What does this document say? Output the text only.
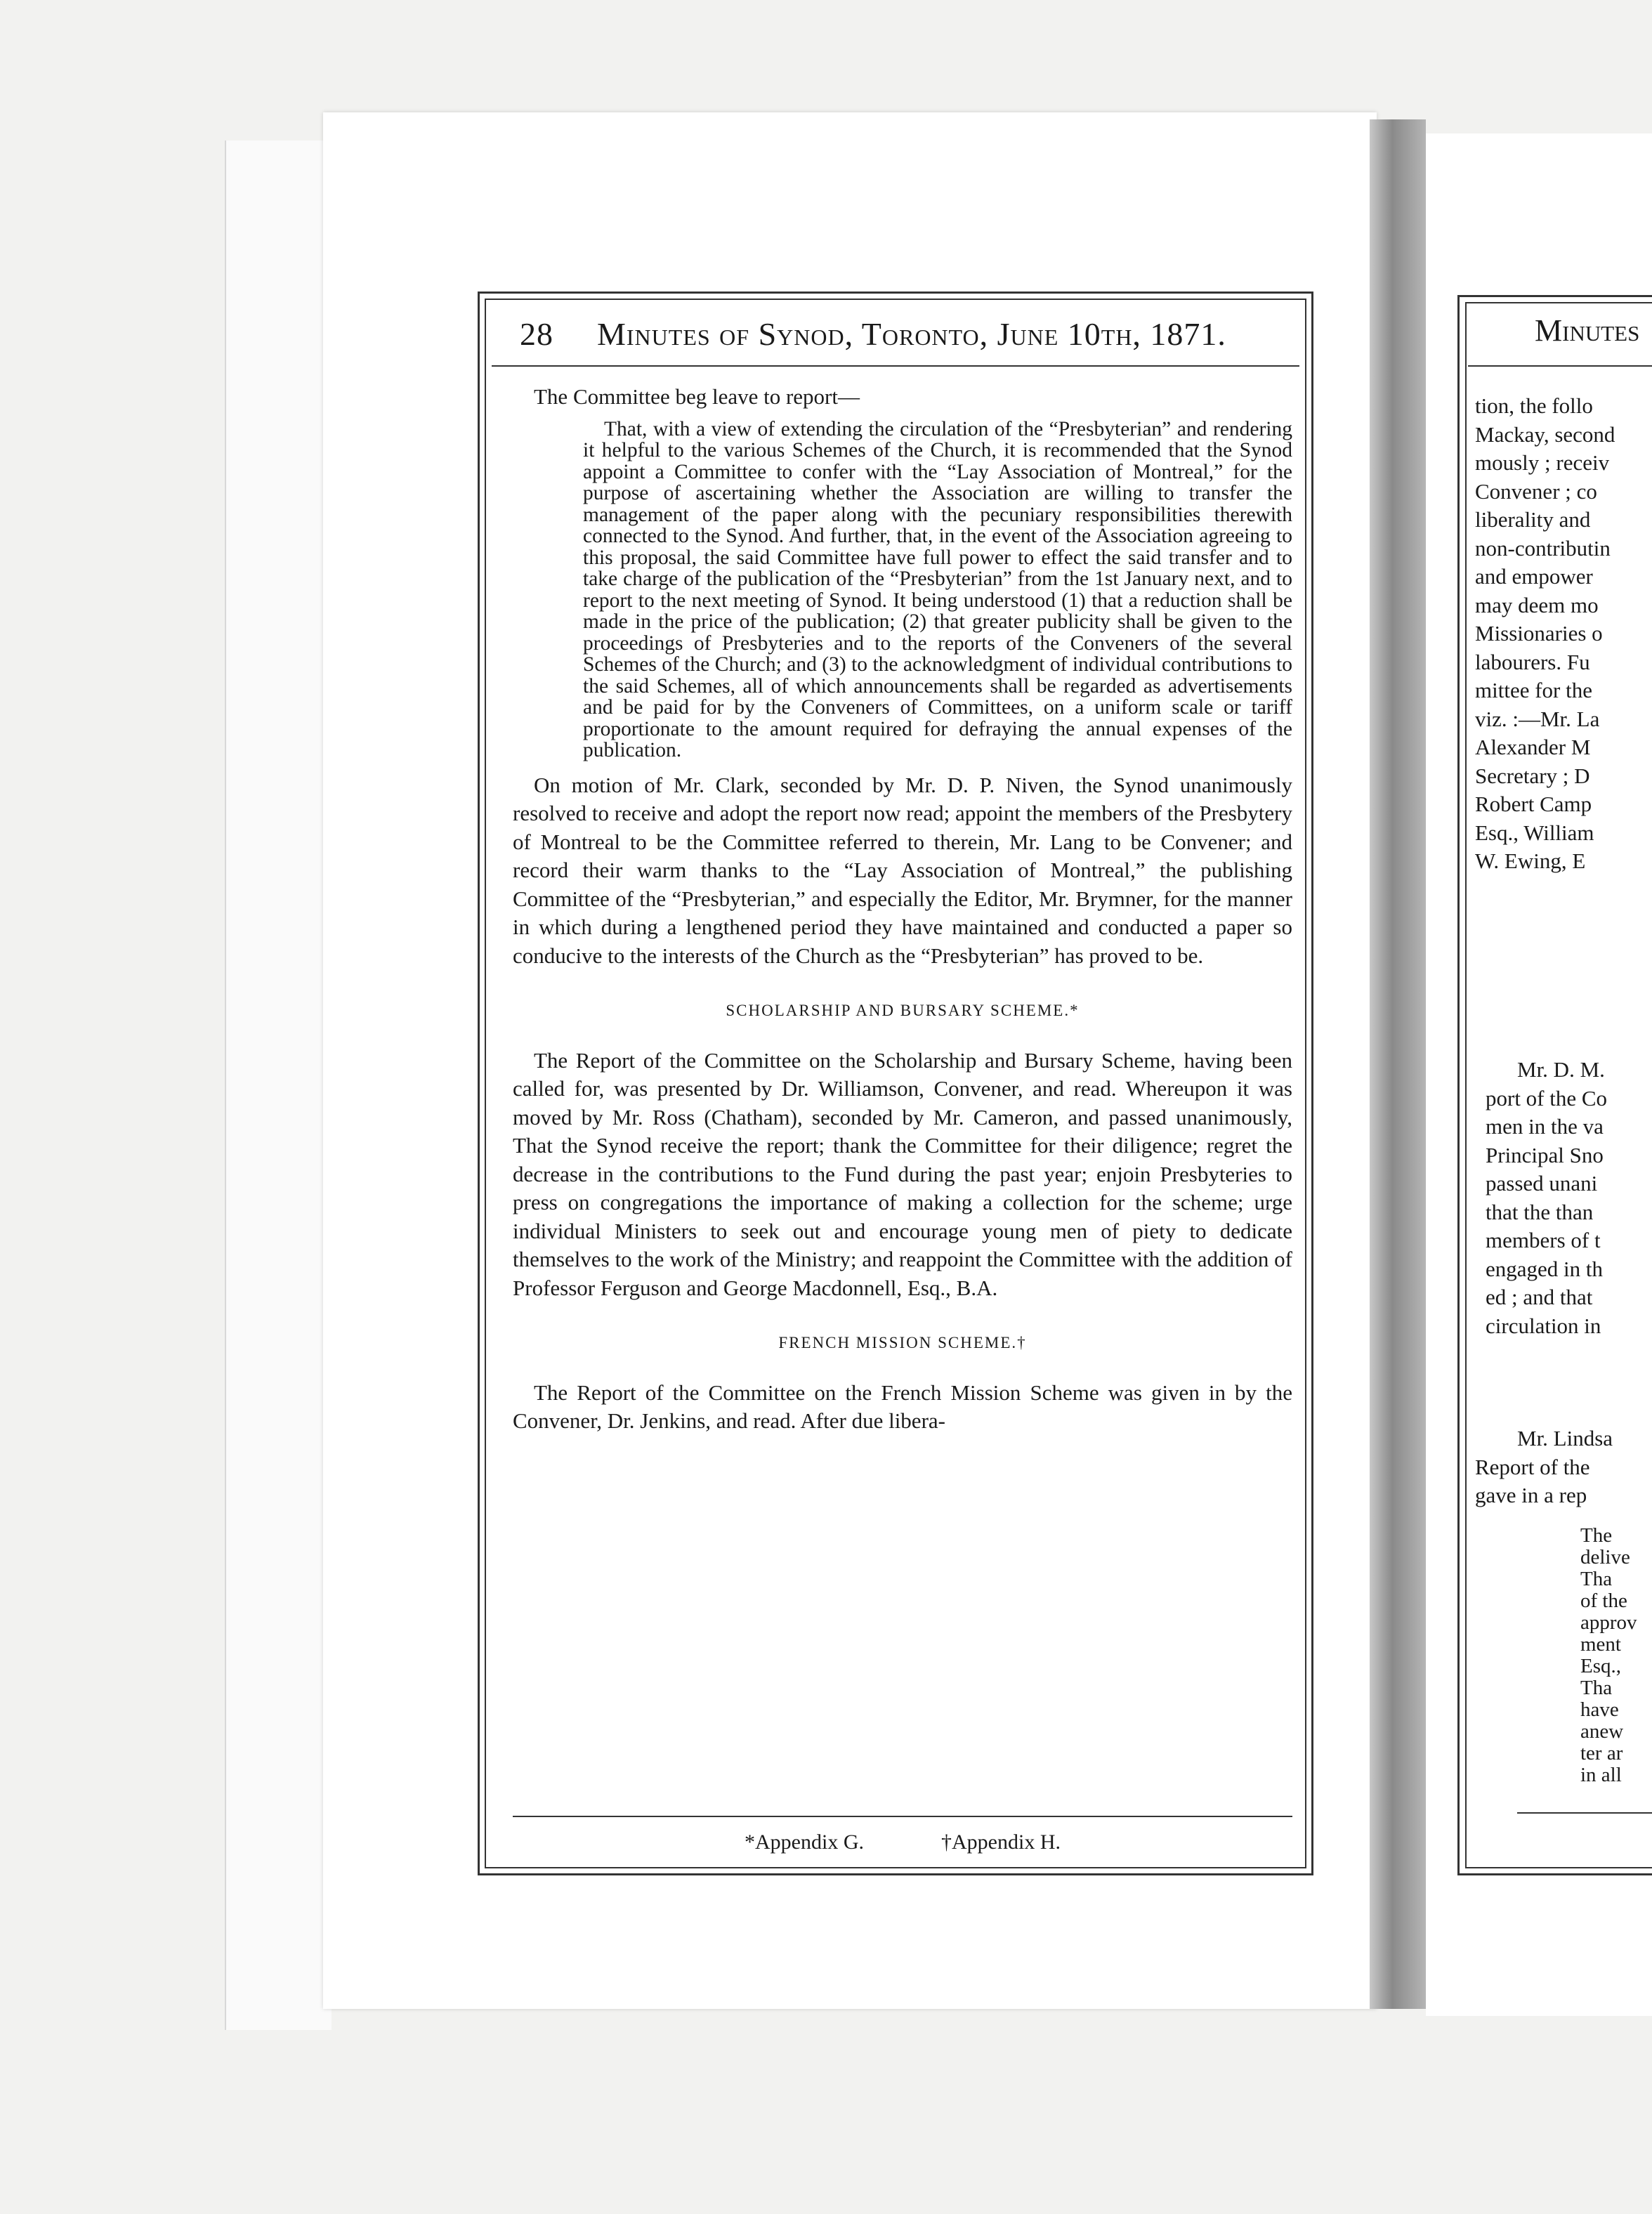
28	Minutes of Synod, Toronto, June 10th, 1871.

The Committee beg leave to report—

That, with a view of extending the circulation of the “Presbyterian” and rendering it helpful to the various Schemes of the Church, it is recommended that the Synod appoint a Committee to confer with the “Lay Association of Montreal,” for the purpose of ascertaining whether the Association are willing to transfer the management of the paper along with the pecuniary responsibilities therewith connected to the Synod. And further, that, in the event of the Association agreeing to this proposal, the said Committee have full power to effect the said transfer and to take charge of the publication of the “Presbyterian” from the 1st January next, and to report to the next meeting of Synod. It being understood (1) that a reduction shall be made in the price of the publication; (2) that greater publicity shall be given to the proceedings of Presbyteries and to the reports of the Conveners of the several Schemes of the Church; and (3) to the acknowledgment of individual contributions to the said Schemes, all of which announcements shall be regarded as advertisements and be paid for by the Conveners of Committees, on a uniform scale or tariff proportionate to the amount required for defraying the annual expenses of the publication.

On motion of Mr. Clark, seconded by Mr. D. P. Niven, the Synod unanimously resolved to receive and adopt the report now read; appoint the members of the Presbytery of Montreal to be the Committee referred to therein, Mr. Lang to be Convener; and record their warm thanks to the “Lay Association of Montreal,” the publishing Committee of the “Presbyterian,” and especially the Editor, Mr. Brymner, for the manner in which during a lengthened period they have maintained and conducted a paper so conducive to the interests of the Church as the “Presbyterian” has proved to be.

SCHOLARSHIP AND BURSARY SCHEME.*

The Report of the Committee on the Scholarship and Bursary Scheme, having been called for, was presented by Dr. Williamson, Convener, and read. Whereupon it was moved by Mr. Ross (Chatham), seconded by Mr. Cameron, and passed unanimously, That the Synod receive the report; thank the Committee for their diligence; regret the decrease in the contributions to the Fund during the past year; enjoin Presbyteries to press on congregations the importance of making a collection for the scheme; urge individual Ministers to seek out and encourage young men of piety to dedicate themselves to the work of the Ministry; and reappoint the Committee with the addition of Professor Ferguson and George Macdonnell, Esq., B.A.

FRENCH MISSION SCHEME.†

The Report of the Committee on the French Mission Scheme was given in by the Convener, Dr. Jenkins, and read. After due libera-

*Appendix G.	†Appendix H.
Minutes
tion, the follo
Mackay, second
mously ; receiv
Convener ; co
liberality and
non-contributin
and empower
may deem mo
Missionaries o
labourers. Fu
mittee for the
viz. :—Mr. La
Alexander M
Secretary ; D
Robert Camp
Esq., William
W. Ewing, E
Mr. D. M.
port of the Co
men in the va
Principal Sno
passed unani
that the than
members of t
engaged in th
ed ; and that
circulation in
Mr. Lindsa
Report of the
gave in a rep
The
delive
Tha
of the
approv
ment
Esq.,
Tha
have
anew
ter ar
in all
